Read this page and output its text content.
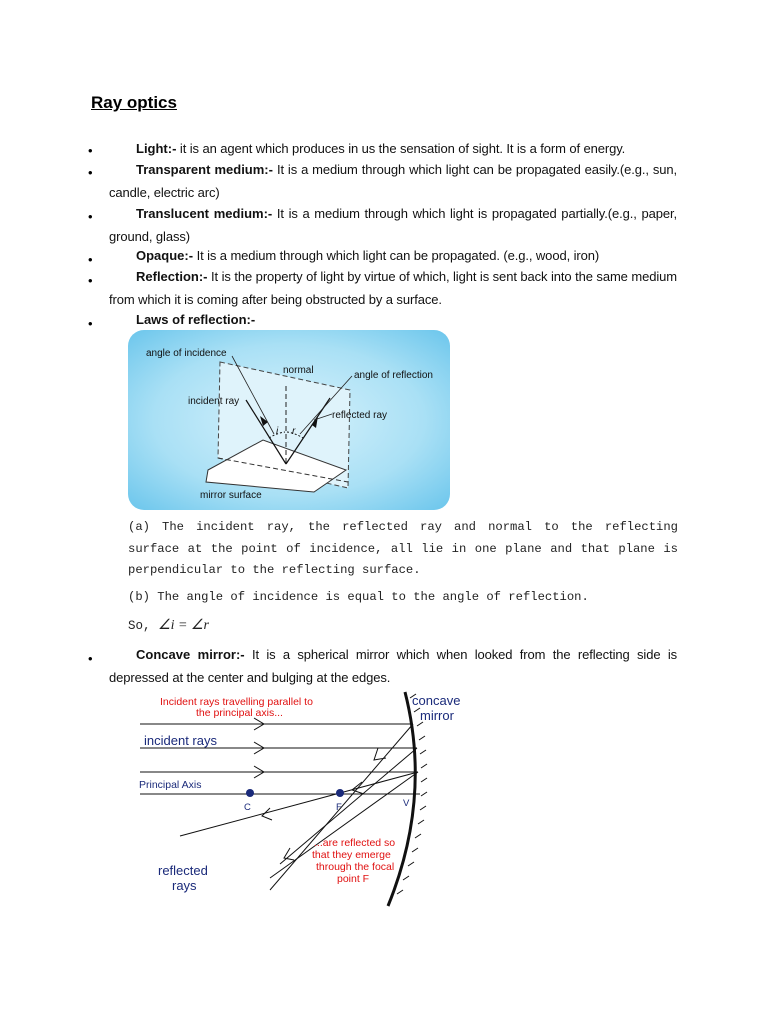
Ray optics
•	Light:- it is an agent which produces in us the sensation of sight. It is a form of energy.
•	Transparent medium:- It is a medium through which light can be propagated easily.(e.g., sun, candle, electric arc)
•	Translucent medium:- It is a medium through which light is propagated partially.(e.g., paper, ground, glass)
•	Opaque:- It is a medium through which light can be propagated. (e.g., wood, iron)
•	Reflection:- It is the property of light by virtue of which, light is sent back into the same medium from which it is coming after being obstructed by a surface.
•	Laws of reflection:-
angle of incidence
normal	angle of reflection
incident ray
reflected ray
i r
mirror surface
(a) The incident ray, the reflected ray and normal to the reflecting surface at the point of incidence, all lie in one plane and that plane is perpendicular to the reflecting surface.
(b) The angle of incidence is equal to the angle of reflection.
So, ∠i = ∠r
•	Concave mirror:- It is a spherical mirror which when looked from the reflecting side is depressed at the center and bulging at the edges.
Incident rays travelling parallel to
the principal axis...
concave
mirror
incident rays
Principal Axis
C	F	V
...are reflected so
that they emerge
through the focal
point F
reflected
rays
